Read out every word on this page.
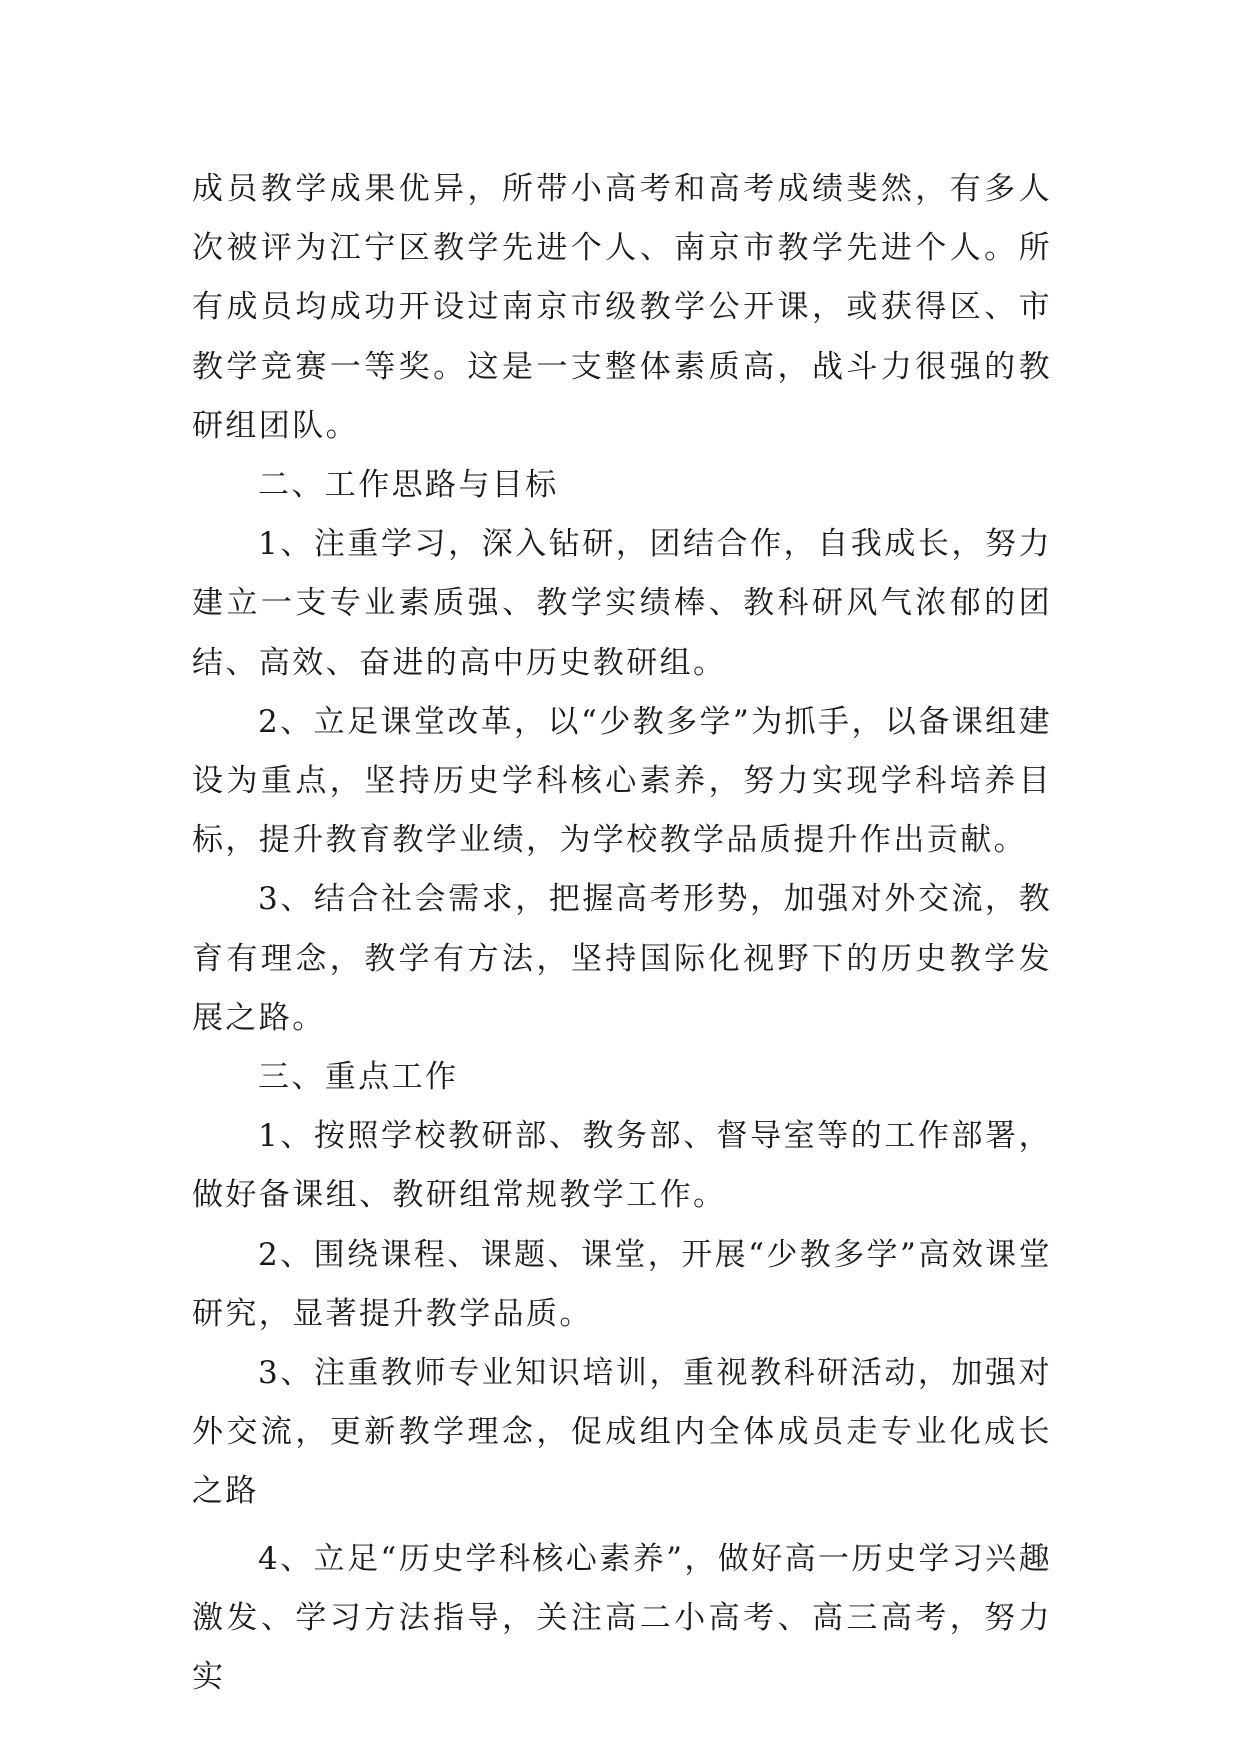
成员教学成果优异，所带小高考和高考成绩斐然，有多人次被评为江宁区教学先进个人、南京市教学先进个人。所有成员均成功开设过南京市级教学公开课，或获得区、市教学竞赛一等奖。这是一支整体素质高，战斗力很强的教研组团队。

二、工作思路与目标

1、注重学习，深入钻研，团结合作，自我成长，努力建立一支专业素质强、教学实绩棒、教科研风气浓郁的团结、高效、奋进的高中历史教研组。

2、立足课堂改革，以“少教多学”为抓手，以备课组建设为重点，坚持历史学科核心素养，努力实现学科培养目标，提升教育教学业绩，为学校教学品质提升作出贡献。

3、结合社会需求，把握高考形势，加强对外交流，教育有理念，教学有方法，坚持国际化视野下的历史教学发展之路。

三、重点工作

1、按照学校教研部、教务部、督导室等的工作部署，做好备课组、教研组常规教学工作。

2、围绕课程、课题、课堂，开展“少教多学”高效课堂研究，显著提升教学品质。

3、注重教师专业知识培训，重视教科研活动，加强对外交流，更新教学理念，促成组内全体成员走专业化成长之路

4、立足“历史学科核心素养”，做好高一历史学习兴趣激发、学习方法指导，关注高二小高考、高三高考，努力实
